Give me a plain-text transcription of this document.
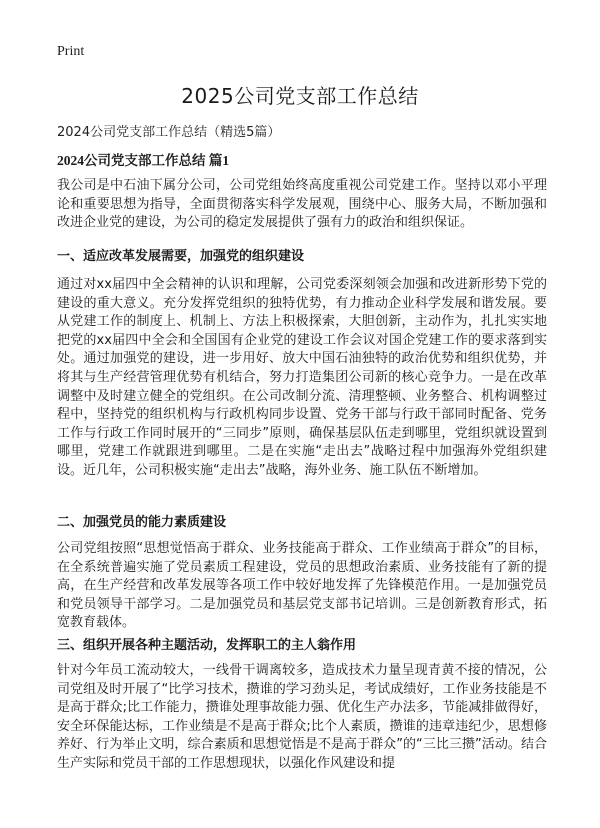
Print
2025公司党支部工作总结

2024公司党支部工作总结（精选5篇）

2024公司党支部工作总结 篇1

我公司是中石油下属分公司，公司党组始终高度重视公司党建工作。坚持以邓小平理论和重要思想为指导，全面贯彻落实科学发展观，围绕中心、服务大局，不断加强和改进企业党的建设，为公司的稳定发展提供了强有力的政治和组织保证。

一、适应改革发展需要，加强党的组织建设

通过对xx届四中全会精神的认识和理解，公司党委深刻领会加强和改进新形势下党的建设的重大意义。充分发挥党组织的独特优势，有力推动企业科学发展和谐发展。要从党建工作的制度上、机制上、方法上积极探索，大胆创新，主动作为，扎扎实实地把党的xx届四中全会和全国国有企业党的建设工作会议对国企党建工作的要求落到实处。通过加强党的建设，进一步用好、放大中国石油独特的政治优势和组织优势，并将其与生产经营管理优势有机结合，努力打造集团公司新的核心竞争力。一是在改革调整中及时建立健全的党组织。在公司改制分流、清理整顿、业务整合、机构调整过程中，坚持党的组织机构与行政机构同步设置、党务干部与行政干部同时配备、党务工作与行政工作同时展开的“三同步”原则，确保基层队伍走到哪里，党组织就设置到哪里，党建工作就跟进到哪里。二是在实施“走出去”战略过程中加强海外党组织建设。近几年，公司积极实施“走出去”战略，海外业务、施工队伍不断增加。

二、加强党员的能力素质建设

公司党组按照“思想觉悟高于群众、业务技能高于群众、工作业绩高于群众”的目标，在全系统普遍实施了党员素质工程建设，党员的思想政治素质、业务技能有了新的提高，在生产经营和改革发展等各项工作中较好地发挥了先锋模范作用。一是加强党员和党员领导干部学习。二是加强党员和基层党支部书记培训。三是创新教育形式，拓宽教育载体。

三、组织开展各种主题活动，发挥职工的主人翁作用

针对今年员工流动较大，一线骨干调离较多，造成技术力量呈现青黄不接的情况，公司党组及时开展了“比学习技术，攒谁的学习劲头足，考试成绩好，工作业务技能是不是高于群众;比工作能力，攒谁处理事故能力强、优化生产办法多，节能减排做得好，安全环保能达标，工作业绩是不是高于群众;比个人素质，攒谁的违章违纪少，思想修养好、行为举止文明，综合素质和思想觉悟是不是高于群众”的“三比三攒”活动。结合生产实际和党员干部的工作思想现状，以强化作风建设和提
